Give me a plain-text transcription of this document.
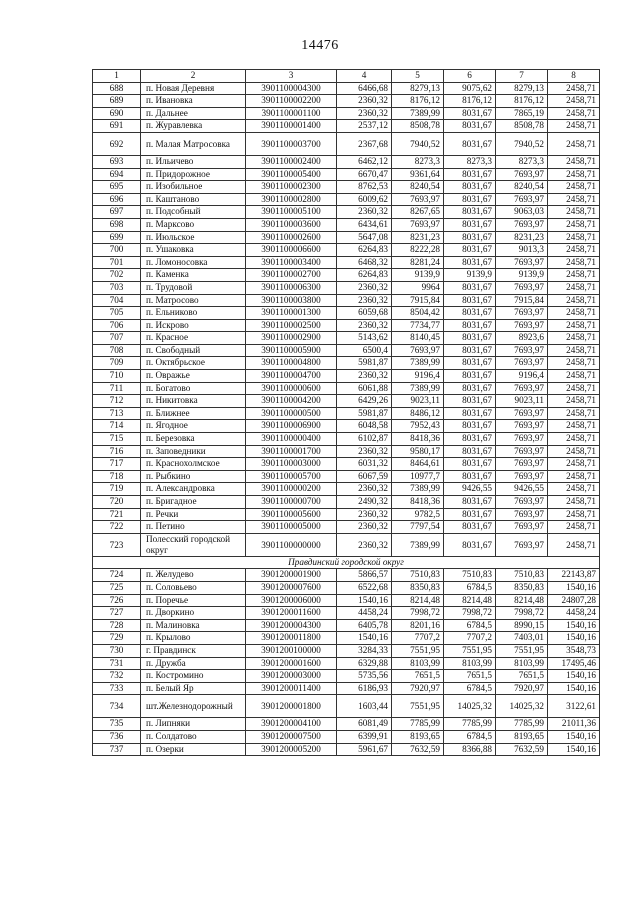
14476
1	2	3	4	5	6	7	8
688	п. Новая Деревня	3901100004300	6466,68	8279,13	9075,62	8279,13	2458,71
689	п. Ивановка	3901100002200	2360,32	8176,12	8176,12	8176,12	2458,71
690	п. Дальнее	3901100001100	2360,32	7389,99	8031,67	7865,19	2458,71
691	п. Журавлевка	3901100001400	2537,12	8508,78	8031,67	8508,78	2458,71
692	п. Малая Матросовка	3901100003700	2367,68	7940,52	8031,67	7940,52	2458,71
693	п. Ильичево	3901100002400	6462,12	8273,3	8273,3	8273,3	2458,71
694	п. Придорожное	3901100005400	6670,47	9361,64	8031,67	7693,97	2458,71
695	п. Изобильное	3901100002300	8762,53	8240,54	8031,67	8240,54	2458,71
696	п. Каштаново	3901100002800	6009,62	7693,97	8031,67	7693,97	2458,71
697	п. Подсобный	3901100005100	2360,32	8267,65	8031,67	9063,03	2458,71
698	п. Марксово	3901100003600	6434,61	7693,97	8031,67	7693,97	2458,71
699	п. Июльское	3901100002600	5647,08	8231,23	8031,67	8231,23	2458,71
700	п. Ушаковка	3901100006600	6264,83	8222,28	8031,67	9013,3	2458,71
701	п. Ломоносовка	3901100003400	6468,32	8281,24	8031,67	7693,97	2458,71
702	п. Каменка	3901100002700	6264,83	9139,9	9139,9	9139,9	2458,71
703	п. Трудовой	3901100006300	2360,32	9964	8031,67	7693,97	2458,71
704	п. Матросово	3901100003800	2360,32	7915,84	8031,67	7915,84	2458,71
705	п. Ельниково	3901100001300	6059,68	8504,42	8031,67	7693,97	2458,71
706	п. Искрово	3901100002500	2360,32	7734,77	8031,67	7693,97	2458,71
707	п. Красное	3901100002900	5143,62	8140,45	8031,67	8923,6	2458,71
708	п. Свободный	3901100005900	6500,4	7693,97	8031,67	7693,97	2458,71
709	п. Октябрьское	3901100004800	5981,87	7389,99	8031,67	7693,97	2458,71
710	п. Овражье	3901100004700	2360,32	9196,4	8031,67	9196,4	2458,71
711	п. Богатово	3901100000600	6061,88	7389,99	8031,67	7693,97	2458,71
712	п. Никитовка	3901100004200	6429,26	9023,11	8031,67	9023,11	2458,71
713	п. Ближнее	3901100000500	5981,87	8486,12	8031,67	7693,97	2458,71
714	п. Ягодное	3901100006900	6048,58	7952,43	8031,67	7693,97	2458,71
715	п. Березовка	3901100000400	6102,87	8418,36	8031,67	7693,97	2458,71
716	п. Заповедники	3901100001700	2360,32	9580,17	8031,67	7693,97	2458,71
717	п. Краснохолмское	3901100003000	6031,32	8464,61	8031,67	7693,97	2458,71
718	п. Рыбкино	3901100005700	6067,59	10977,7	8031,67	7693,97	2458,71
719	п. Александровка	3901100000200	2360,32	7389,99	9426,55	9426,55	2458,71
720	п. Бригадное	3901100000700	2490,32	8418,36	8031,67	7693,97	2458,71
721	п. Речки	3901100005600	2360,32	9782,5	8031,67	7693,97	2458,71
722	п. Петино	3901100005000	2360,32	7797,54	8031,67	7693,97	2458,71
723	Полесский городской округ	3901100000000	2360,32	7389,99	8031,67	7693,97	2458,71
Правдинский городской округ							
724	п. Желудево	3901200001900	5866,57	7510,83	7510,83	7510,83	22143,87
725	п. Соловьево	3901200007600	6522,68	8350,83	6784,5	8350,83	1540,16
726	п. Поречье	3901200006000	1540,16	8214,48	8214,48	8214,48	24807,28
727	п. Дворкино	3901200011600	4458,24	7998,72	7998,72	7998,72	4458,24
728	п. Малиновка	3901200004300	6405,78	8201,16	6784,5	8990,15	1540,16
729	п. Крылово	3901200011800	1540,16	7707,2	7707,2	7403,01	1540,16
730	г. Правдинск	3901200100000	3284,33	7551,95	7551,95	7551,95	3548,73
731	п. Дружба	3901200001600	6329,88	8103,99	8103,99	8103,99	17495,46
732	п. Костромино	3901200003000	5735,56	7651,5	7651,5	7651,5	1540,16
733	п. Белый Яр	3901200011400	6186,93	7920,97	6784,5	7920,97	1540,16
734	шт.Железнодорожный	3901200001800	1603,44	7551,95	14025,32	14025,32	3122,61
735	п. Липняки	3901200004100	6081,49	7785,99	7785,99	7785,99	21011,36
736	п. Солдатово	3901200007500	6399,91	8193,65	6784,5	8193,65	1540,16
737	п. Озерки	3901200005200	5961,67	7632,59	8366,88	7632,59	1540,16
